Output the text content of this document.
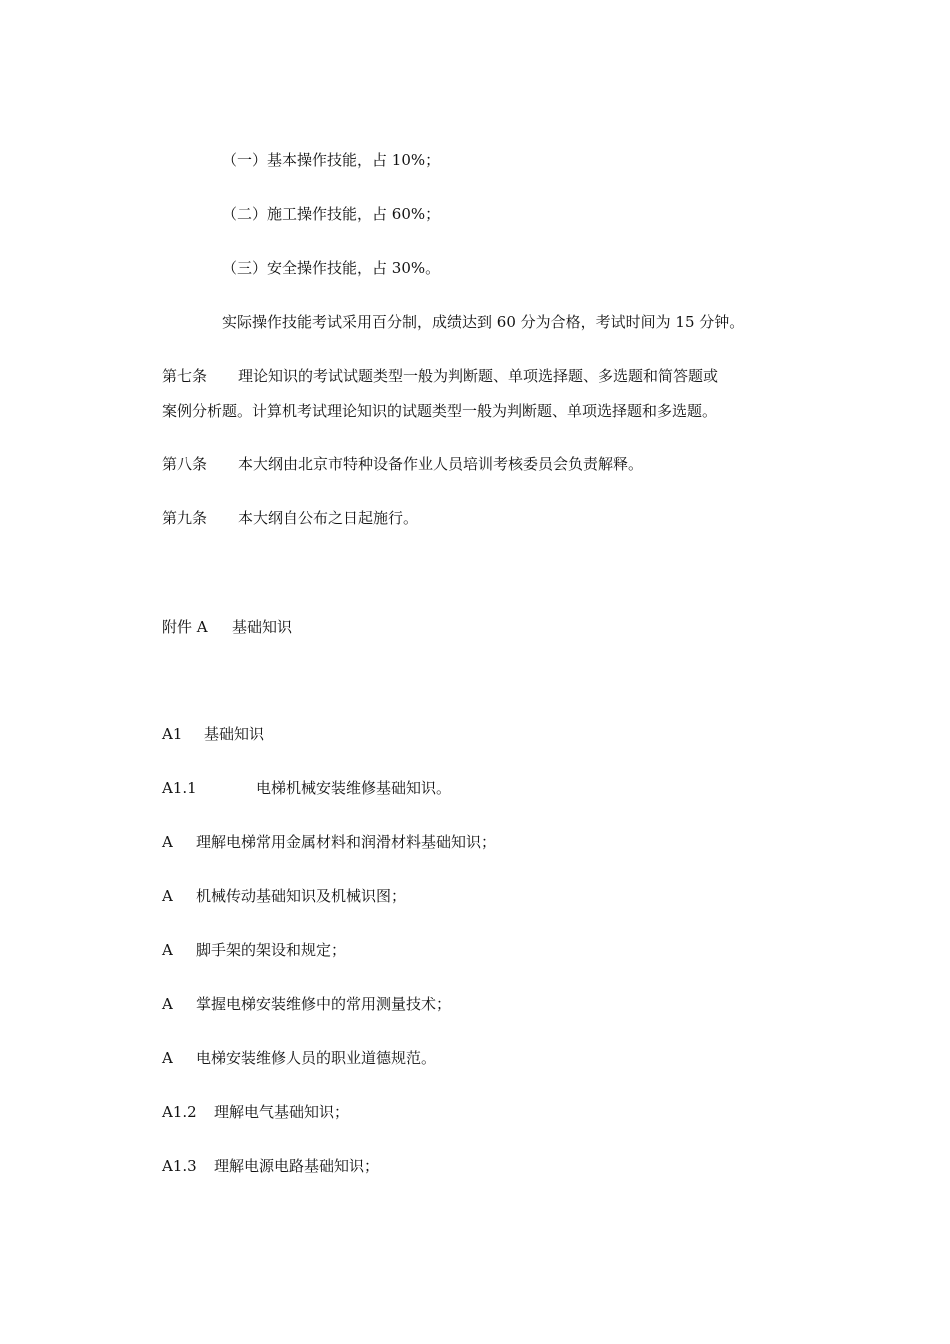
（一）基本操作技能，占 10%；
（二）施工操作技能，占 60%；
（三）安全操作技能，占 30%。
实际操作技能考试采用百分制，成绩达到 60 分为合格，考试时间为 15 分钟。
第七条 理论知识的考试试题类型一般为判断题、单项选择题、多选题和简答题或
案例分析题。计算机考试理论知识的试题类型一般为判断题、单项选择题和多选题。
第八条 本大纲由北京市特种设备作业人员培训考核委员会负责解释。
第九条 本大纲自公布之日起施行。
附件 A 基础知识
A1 基础知识
A1.1	电梯机械安装维修基础知识。
A 理解电梯常用金属材料和润滑材料基础知识；
A 机械传动基础知识及机械识图；
A 脚手架的架设和规定；
A 掌握电梯安装维修中的常用测量技术；
A 电梯安装维修人员的职业道德规范。
A1.2 理解电气基础知识；
A1.3 理解电源电路基础知识；
